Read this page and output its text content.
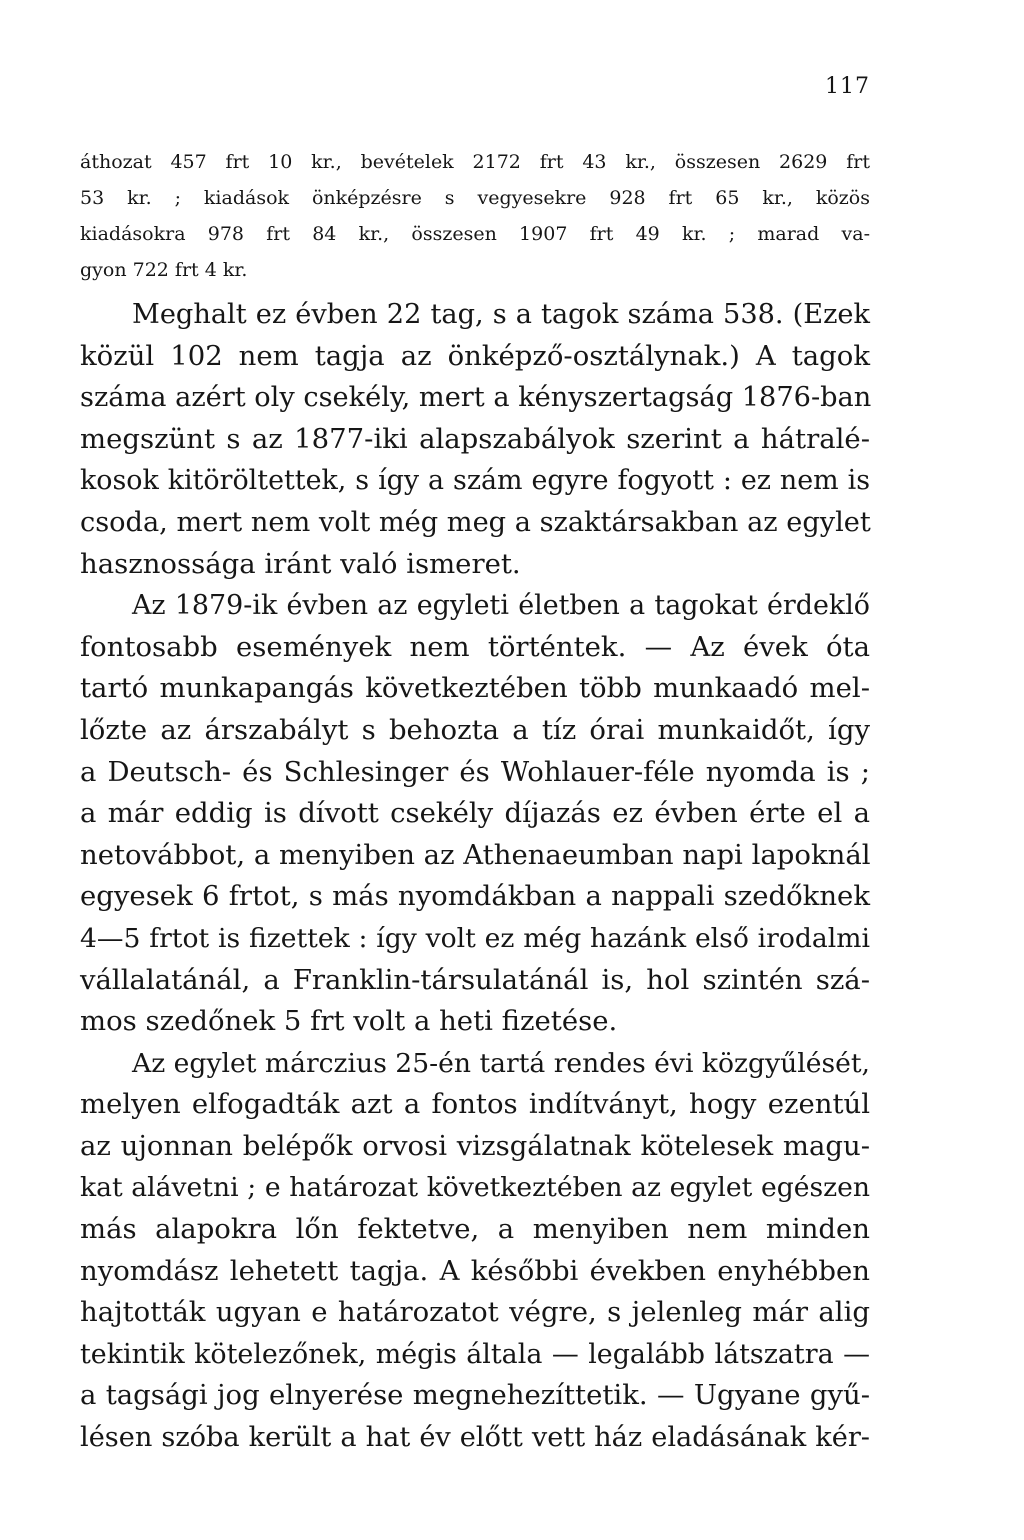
117
áthozat 457 frt 10 kr., bevételek 2172 frt 43 kr., összesen 2629 frt
53 kr. ; kiadások önképzésre s vegyesekre 928 frt 65 kr., közös
kiadásokra 978 frt 84 kr., összesen 1907 frt 49 kr. ; marad va-
gyon 722 frt 4 kr.
Meghalt ez évben 22 tag, s a tagok száma 538. (Ezek
közül 102 nem tagja az önképző-osztálynak.) A tagok
száma azért oly csekély, mert a kényszertagság 1876-ban
megszünt s az 1877-iki alapszabályok szerint a hátralé-
kosok kitöröltettek, s így a szám egyre fogyott : ez nem is
csoda, mert nem volt még meg a szaktársakban az egylet
hasznossága iránt való ismeret.
Az 1879-ik évben az egyleti életben a tagokat érdeklő
fontosabb események nem történtek. — Az évek óta
tartó munkapangás következtében több munkaadó mel-
lőzte az árszabályt s behozta a tíz órai munkaidőt, így
a Deutsch- és Schlesinger és Wohlauer-féle nyomda is ;
a már eddig is dívott csekély díjazás ez évben érte el a
netovábbot, a menyiben az Athenaeumban napi lapoknál
egyesek 6 frtot, s más nyomdákban a nappali szedőknek
4—5 frtot is fizettek : így volt ez még hazánk első irodalmi
vállalatánál, a Franklin-társulatánál is, hol szintén szá-
mos szedőnek 5 frt volt a heti fizetése.
Az egylet márczius 25-én tartá rendes évi közgyűlését,
melyen elfogadták azt a fontos indítványt, hogy ezentúl
az ujonnan belépők orvosi vizsgálatnak kötelesek magu-
kat alávetni ; e határozat következtében az egylet egészen
más alapokra lőn fektetve, a menyiben nem minden
nyomdász lehetett tagja. A későbbi években enyhébben
hajtották ugyan e határozatot végre, s jelenleg már alig
tekintik kötelezőnek, mégis általa — legalább látszatra —
a tagsági jog elnyerése megnehezíttetik. — Ugyane gyű-
lésen szóba került a hat év előtt vett ház eladásának kér-
